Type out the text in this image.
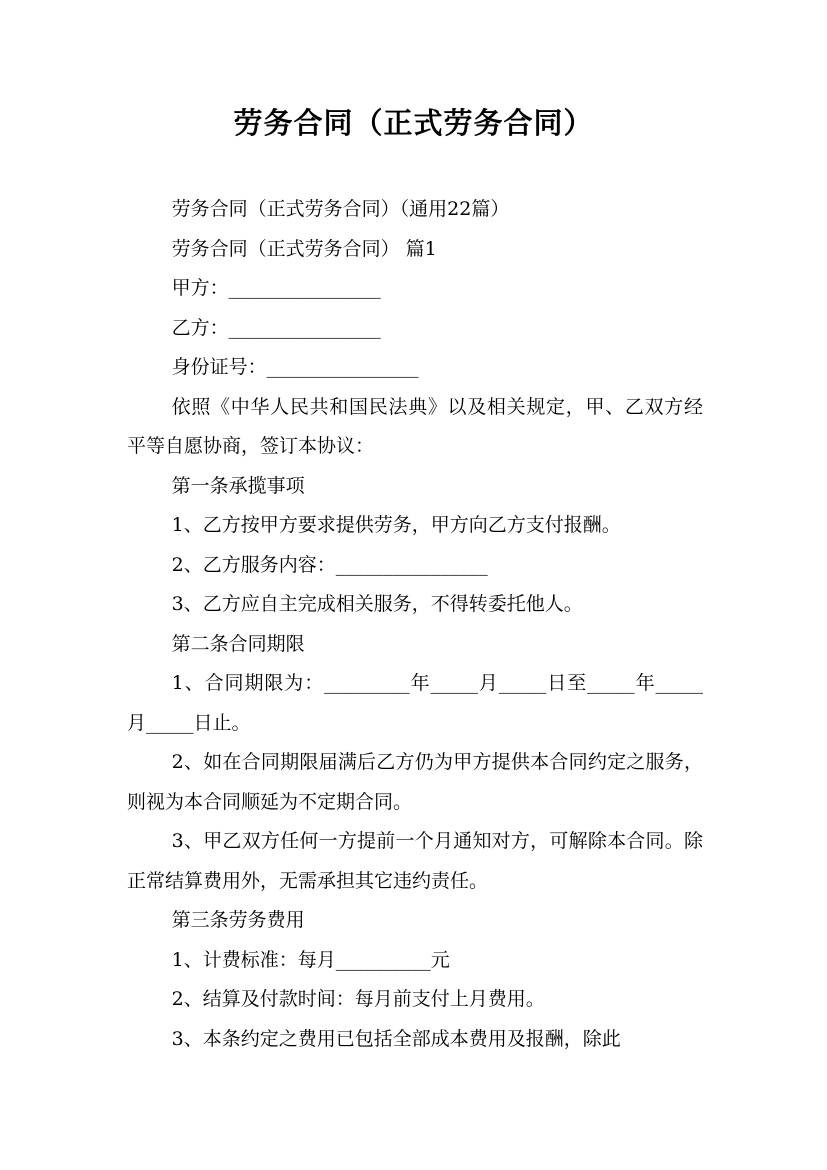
劳务合同（正式劳务合同）

劳务合同（正式劳务合同）（通用22篇）

劳务合同（正式劳务合同） 篇1

甲方：________________

乙方：________________

身份证号：________________

依照《中华人民共和国民法典》以及相关规定，甲、乙双方经平等自愿协商，签订本协议：

第一条承揽事项

1、乙方按甲方要求提供劳务，甲方向乙方支付报酬。

2、乙方服务内容：________________

3、乙方应自主完成相关服务，不得转委托他人。

第二条合同期限

1、合同期限为：_________年_____月_____日至_____年_____月_____日止。

2、如在合同期限届满后乙方仍为甲方提供本合同约定之服务，则视为本合同顺延为不定期合同。

3、甲乙双方任何一方提前一个月通知对方，可解除本合同。除正常结算费用外，无需承担其它违约责任。

第三条劳务费用

1、计费标准：每月__________元

2、结算及付款时间：每月前支付上月费用。

3、本条约定之费用已包括全部成本费用及报酬，除此
